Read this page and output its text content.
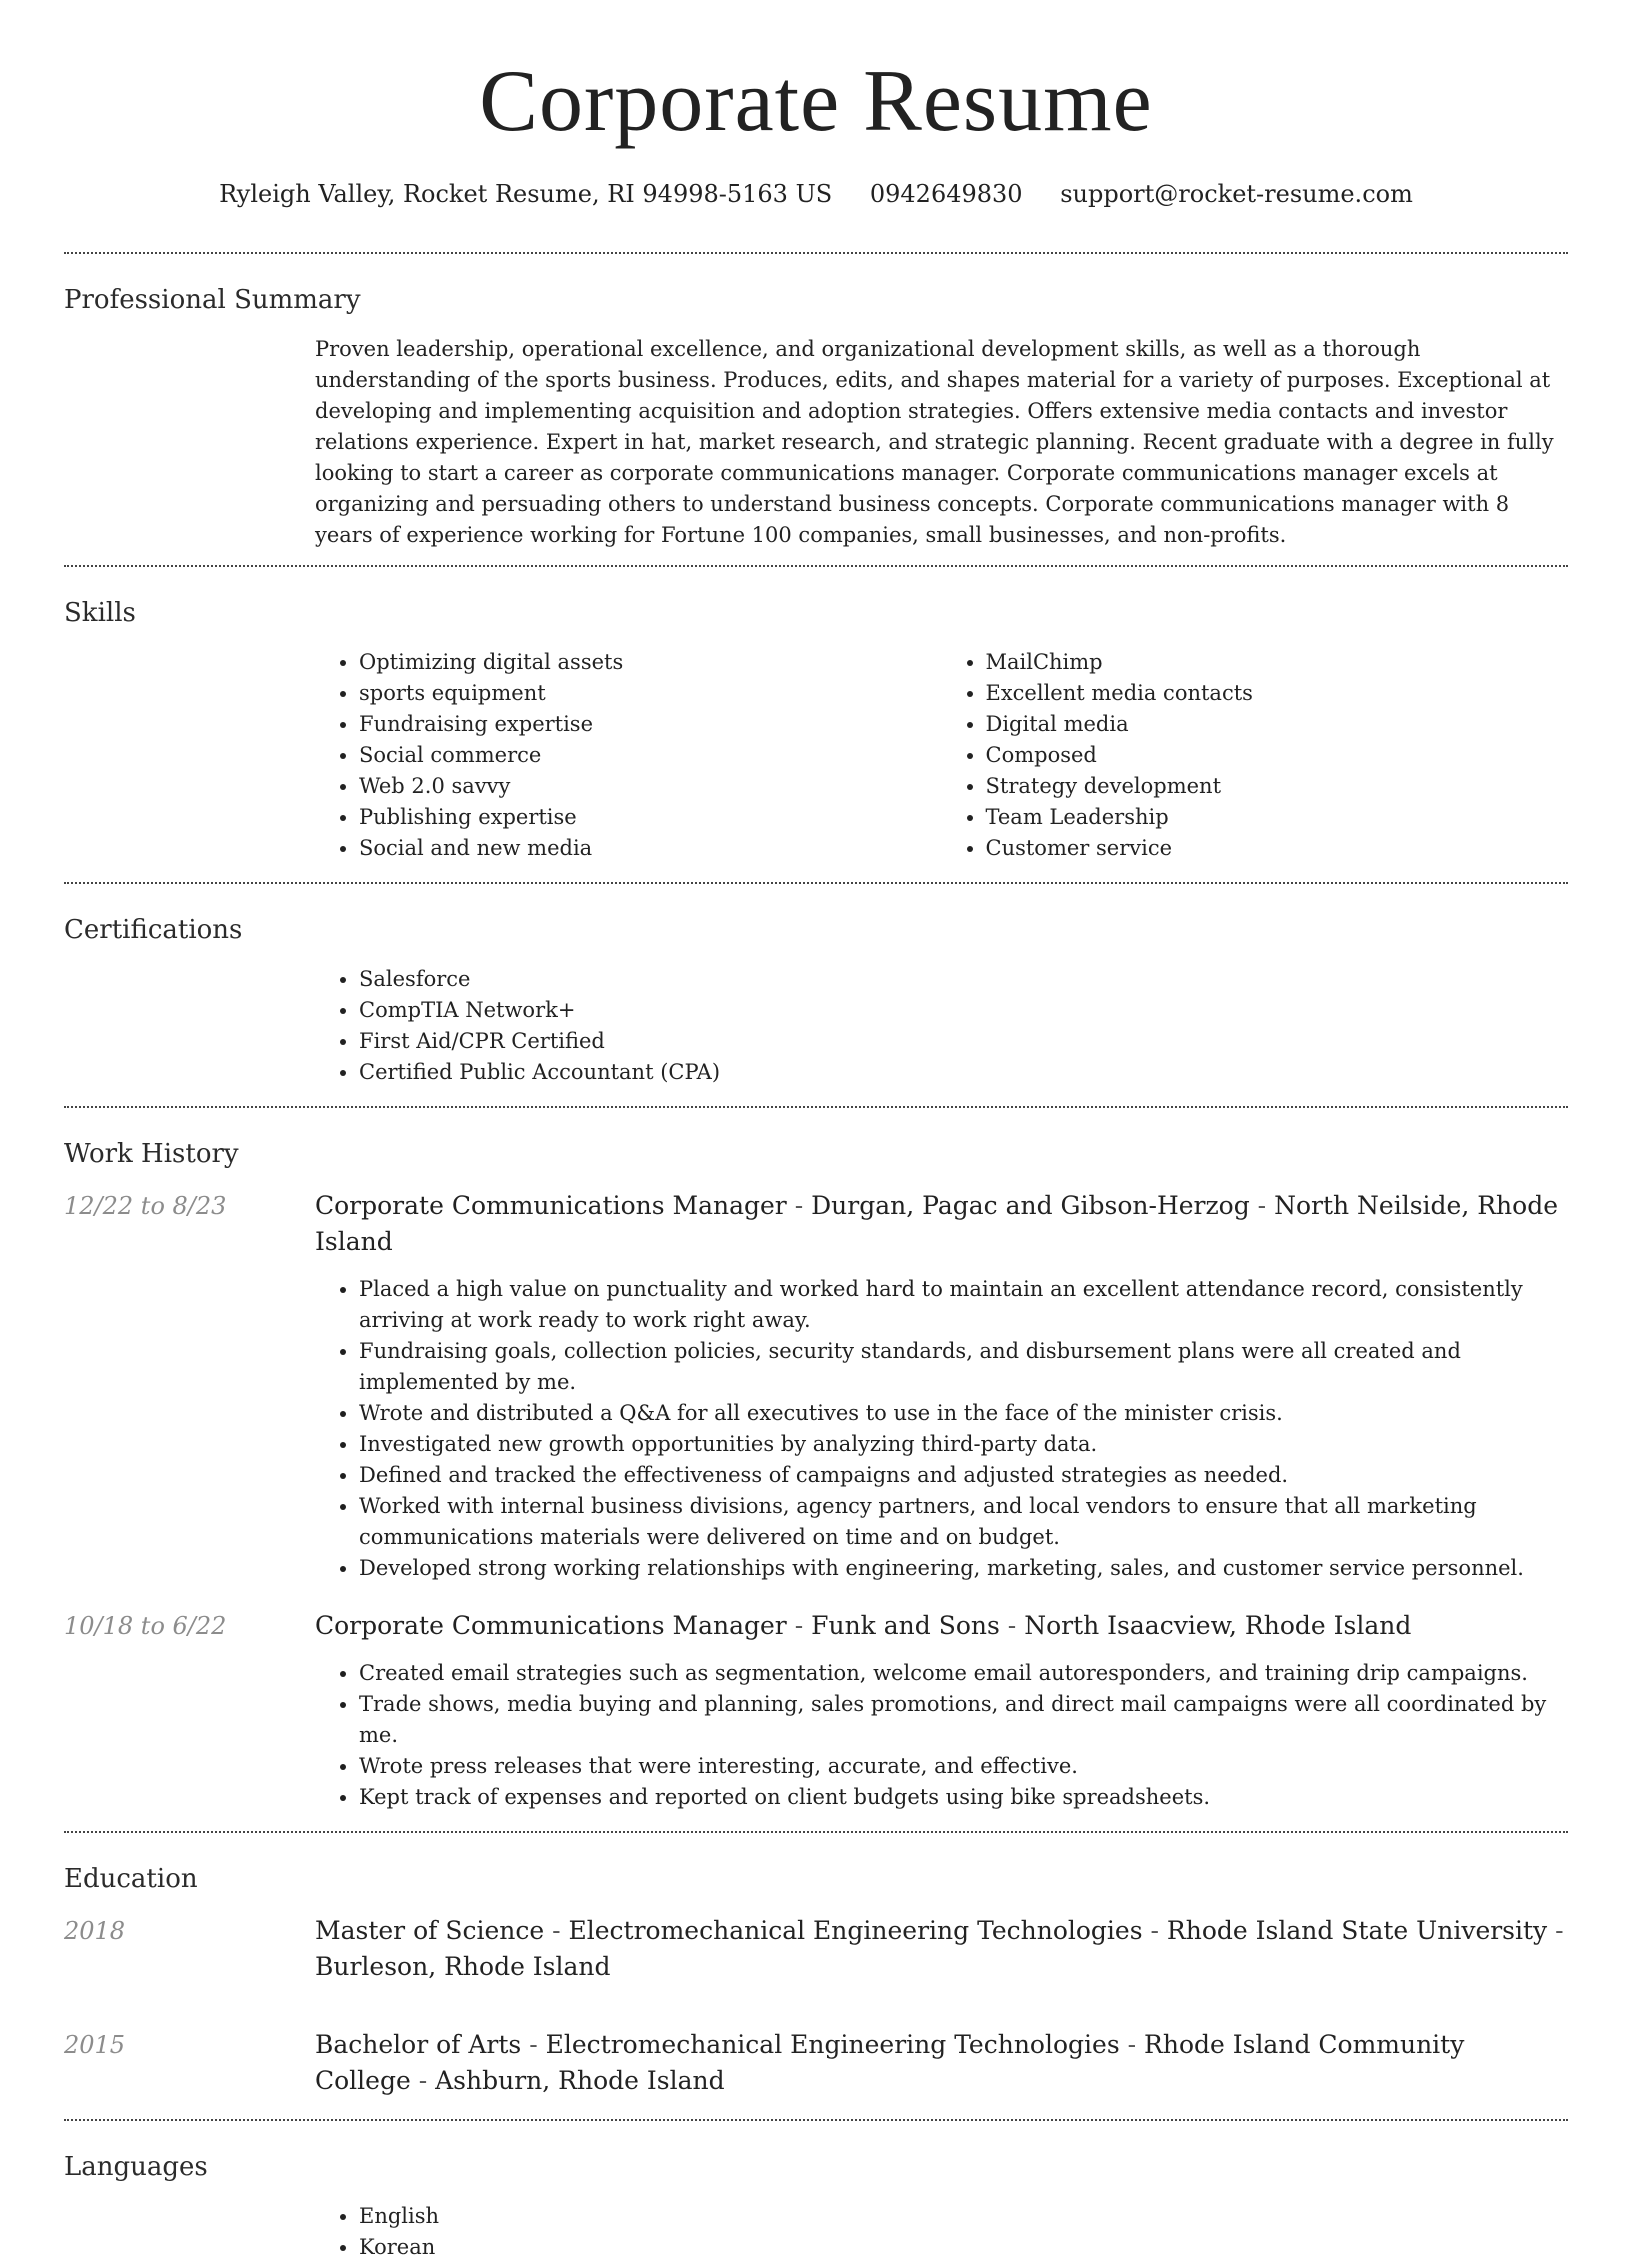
Corporate Resume
Ryleigh Valley, Rocket Resume, RI 94998-5163 US 0942649830 support@rocket-resume.com
Professional Summary

Proven leadership, operational excellence, and organizational development skills, as well as a thorough understanding of the sports business. Produces, edits, and shapes material for a variety of purposes. Exceptional at developing and implementing acquisition and adoption strategies. Offers extensive media contacts and investor relations experience. Expert in hat, market research, and strategic planning. Recent graduate with a degree in fully looking to start a career as corporate communications manager. Corporate communications manager excels at organizing and persuading others to understand business concepts. Corporate communications manager with 8 years of experience working for Fortune 100 companies, small businesses, and non-profits.

Skills
• Optimizing digital assets
• sports equipment
• Fundraising expertise
• Social commerce
• Web 2.0 savvy
• Publishing expertise
• Social and new media
• MailChimp
• Excellent media contacts
• Digital media
• Composed
• Strategy development
• Team Leadership
• Customer service
Certifications
• Salesforce
• CompTIA Network+
• First Aid/CPR Certified
• Certified Public Accountant (CPA)
Work History
12/22 to 8/23	Corporate Communications Manager - Durgan, Pagac and Gibson-Herzog - North Neilside, Rhode Island
• Placed a high value on punctuality and worked hard to maintain an excellent attendance record, consistently arriving at work ready to work right away.
• Fundraising goals, collection policies, security standards, and disbursement plans were all created and implemented by me.
• Wrote and distributed a Q&A for all executives to use in the face of the minister crisis.
• Investigated new growth opportunities by analyzing third-party data.
• Defined and tracked the effectiveness of campaigns and adjusted strategies as needed.
• Worked with internal business divisions, agency partners, and local vendors to ensure that all marketing communications materials were delivered on time and on budget.
• Developed strong working relationships with engineering, marketing, sales, and customer service personnel.
10/18 to 6/22	Corporate Communications Manager - Funk and Sons - North Isaacview, Rhode Island
• Created email strategies such as segmentation, welcome email autoresponders, and training drip campaigns.
• Trade shows, media buying and planning, sales promotions, and direct mail campaigns were all coordinated by me.
• Wrote press releases that were interesting, accurate, and effective.
• Kept track of expenses and reported on client budgets using bike spreadsheets.
Education
2018	Master of Science - Electromechanical Engineering Technologies - Rhode Island State University - Burleson, Rhode Island
2015	Bachelor of Arts - Electromechanical Engineering Technologies - Rhode Island Community College - Ashburn, Rhode Island
Languages
• English
• Korean
